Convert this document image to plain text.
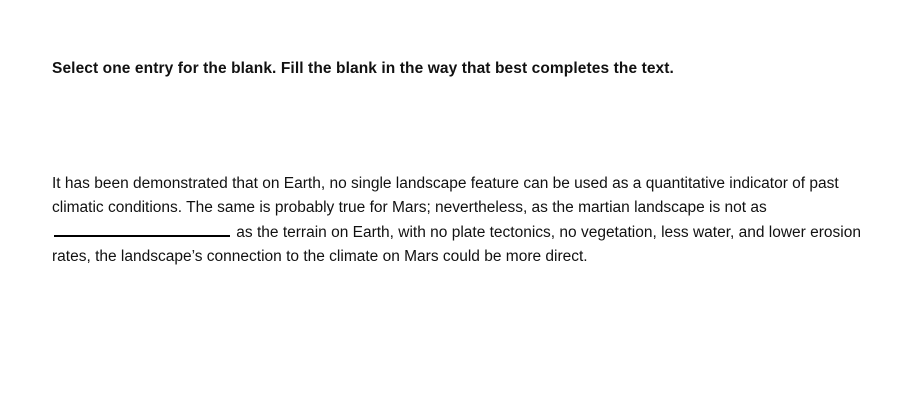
Select one entry for the blank. Fill the blank in the way that best completes the text.
It has been demonstrated that on Earth, no single landscape feature can be used as a quantitative indicator of past climatic conditions. The same is probably true for Mars; nevertheless, as the martian landscape is not as  as the terrain on Earth, with no plate tectonics, no vegetation, less water, and lower erosion rates, the landscape’s connection to the climate on Mars could be more direct.
